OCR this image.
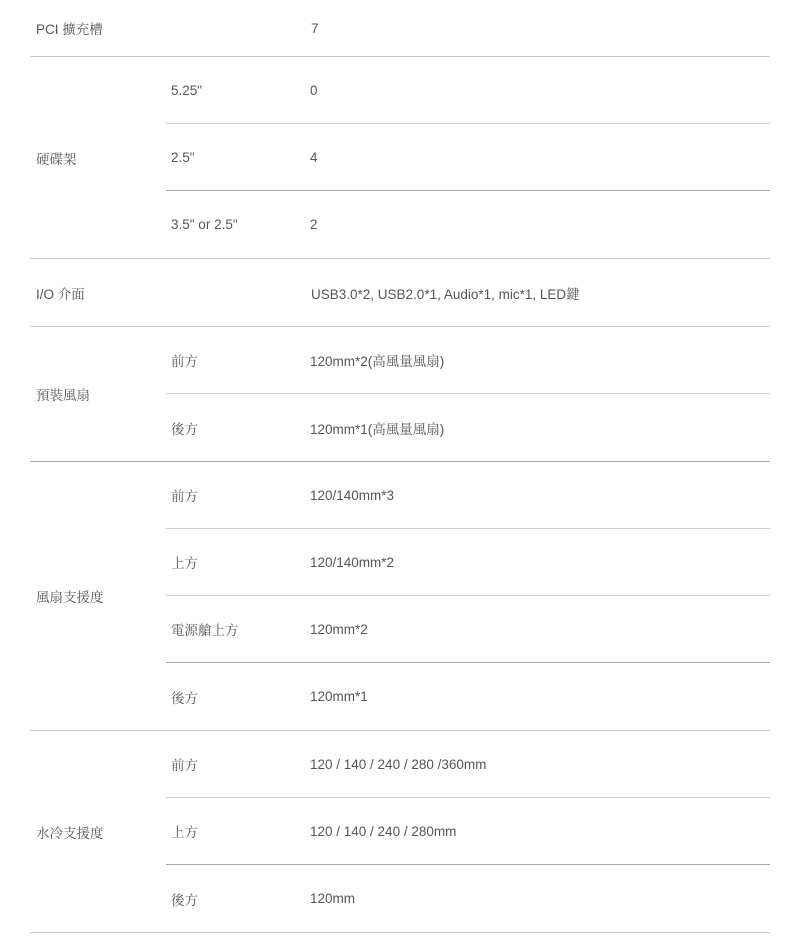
PCI 擴充槽	7
硬碟架
5.25"	0
2.5"	4
3.5" or 2.5"	2
I/O 介面	USB3.0*2, USB2.0*1, Audio*1, mic*1, LED鍵
預裝風扇
前方	120mm*2(高風量風扇)
後方	120mm*1(高風量風扇)
風扇支援度
前方	120/140mm*3
上方	120/140mm*2
電源艙上方	120mm*2
後方	120mm*1
水冷支援度
前方	120 / 140 / 240 / 280 /360mm
上方	120 / 140 / 240 / 280mm
後方	120mm
